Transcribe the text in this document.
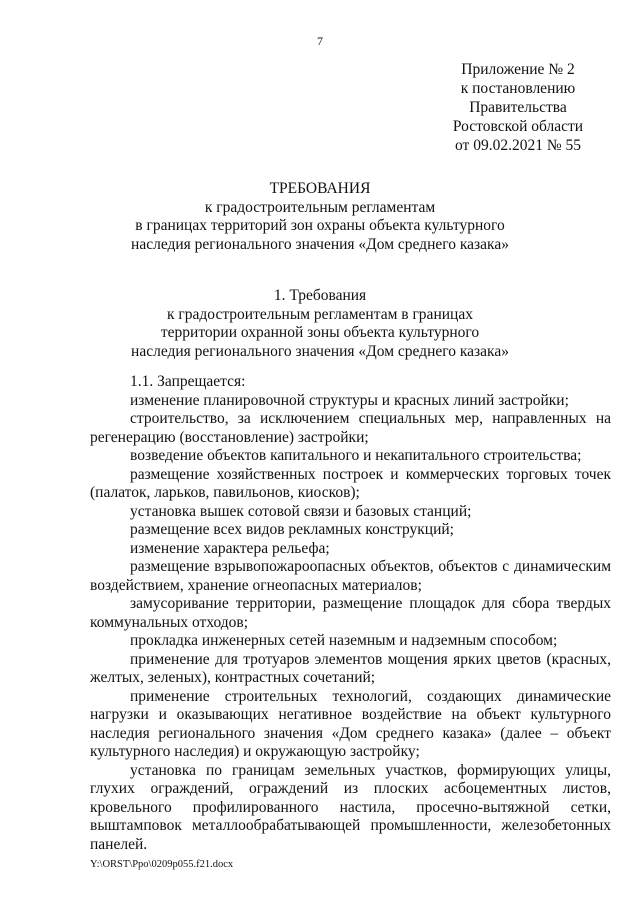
7
Приложение № 2
к постановлению
Правительства
Ростовской области
от 09.02.2021 № 55
ТРЕБОВАНИЯ
к градостроительным регламентам
в границах территорий зон охраны объекта культурного
наследия регионального значения «Дом среднего казака»
1. Требования
к градостроительным регламентам в границах
территории охранной зоны объекта культурного
наследия регионального значения «Дом среднего казака»

1.1. Запрещается:

изменение планировочной структуры и красных линий застройки;

строительство, за исключением специальных мер, направленных на регенерацию (восстановление) застройки;

возведение объектов капитального и некапитального строительства;

размещение хозяйственных построек и коммерческих торговых точек (палаток, ларьков, павильонов, киосков);

установка вышек сотовой связи и базовых станций;

размещение всех видов рекламных конструкций;

изменение характера рельефа;

размещение взрывопожароопасных объектов, объектов с динамическим воздействием, хранение огнеопасных материалов;

замусоривание территории, размещение площадок для сбора твердых коммунальных отходов;

прокладка инженерных сетей наземным и надземным способом;

применение для тротуаров элементов мощения ярких цветов (красных, желтых, зеленых), контрастных сочетаний;

применение строительных технологий, создающих динамические нагрузки и оказывающих негативное воздействие на объект культурного наследия регионального значения «Дом среднего казака» (далее – объект культурного наследия) и окружающую застройку;

установка по границам земельных участков, формирующих улицы, глухих ограждений, ограждений из плоских асбоцементных листов, кровельного профилированного настила, просечно-вытяжной сетки, выштамповок металлообрабатывающей промышленности, железобетонных панелей.

Y:\ORST\Ppo\0209p055.f21.docx
